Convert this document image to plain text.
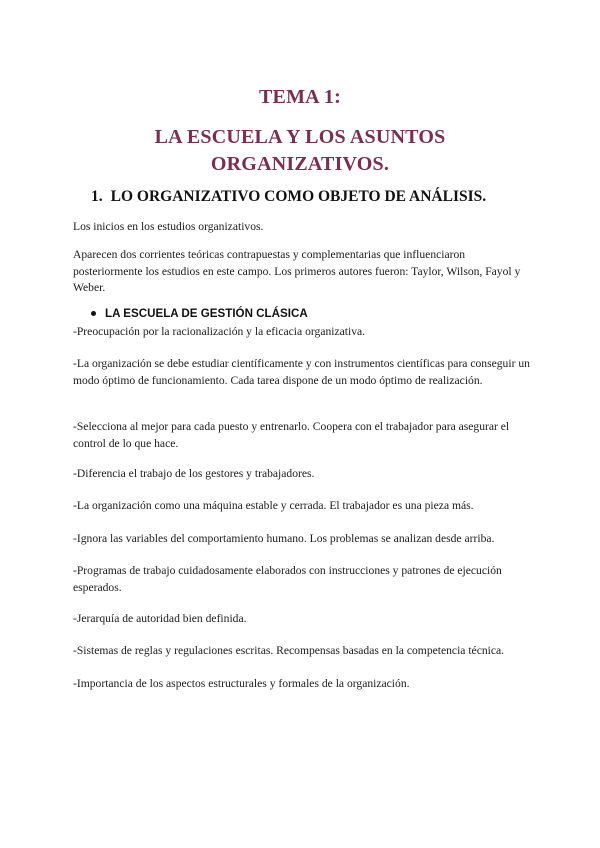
TEMA 1:
LA ESCUELA Y LOS ASUNTOS ORGANIZATIVOS.
1. LO ORGANIZATIVO COMO OBJETO DE ANÁLISIS.

Los inicios en los estudios organizativos.

Aparecen dos corrientes teóricas contrapuestas y complementarias que influenciaron posteriormente los estudios en este campo. Los primeros autores fueron: Taylor, Wilson, Fayol y Weber.

LA ESCUELA DE GESTIÓN CLÁSICA

-Preocupación por la racionalización y la eficacia organizativa.

-La organización se debe estudiar científicamente y con instrumentos científicas para conseguir un modo óptimo de funcionamiento. Cada tarea dispone de un modo óptimo de realización.

-Selecciona al mejor para cada puesto y entrenarlo. Coopera con el trabajador para asegurar el control de lo que hace.

-Diferencia el trabajo de los gestores y trabajadores.

-La organización como una máquina estable y cerrada. El trabajador es una pieza más.

-Ignora las variables del comportamiento humano. Los problemas se analizan desde arriba.

-Programas de trabajo cuidadosamente elaborados con instrucciones y patrones de ejecución esperados.

-Jerarquía de autoridad bien definida.

-Sistemas de reglas y regulaciones escritas. Recompensas basadas en la competencia técnica.

-Importancia de los aspectos estructurales y formales de la organización.
